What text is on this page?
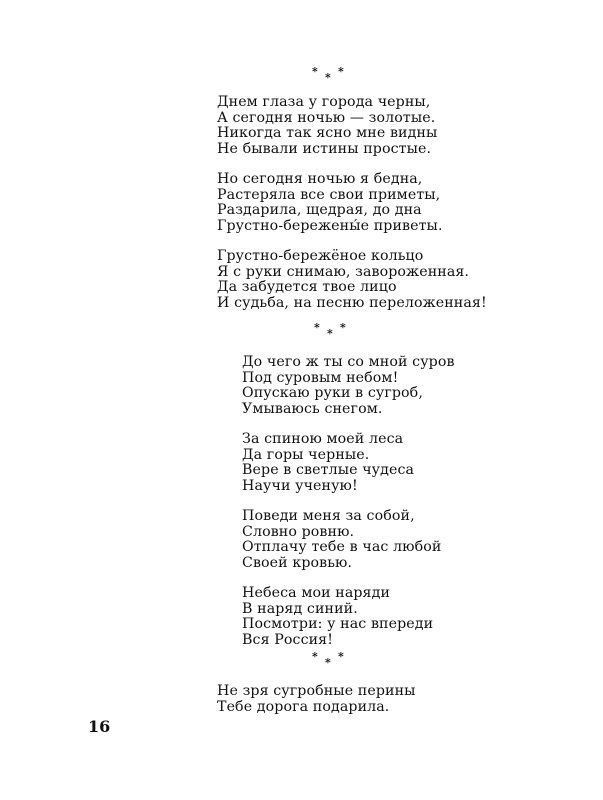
* * *
Днем глаза у города черны,
А сегодня ночью — золотые.
Никогда так ясно мне видны
Не бывали истины простые.
Но сегодня ночью я бедна,
Растеряла все свои приметы,
Раздарила, щедрая, до дна
Грустно-бережены́е приветы.
Грустно-бережёное кольцо
Я с руки снимаю, завороженная.
Да забудется твое лицо
И судьба, на песню переложенная!
* * *
До чего ж ты со мной суров
Под суровым небом!
Опускаю руки в сугроб,
Умываюсь снегом.
За спиною моей леса
Да горы черные.
Вере в светлые чудеса
Научи ученую!
Поведи меня за собой,
Словно ровню.
Отплачу тебе в час любой
Своей кровью.
Небеса мои наряди
В наряд синий.
Посмотри: у нас впереди
Вся Россия!
* * *
Не зря сугробные перины
Тебе дорога подарила.
16
